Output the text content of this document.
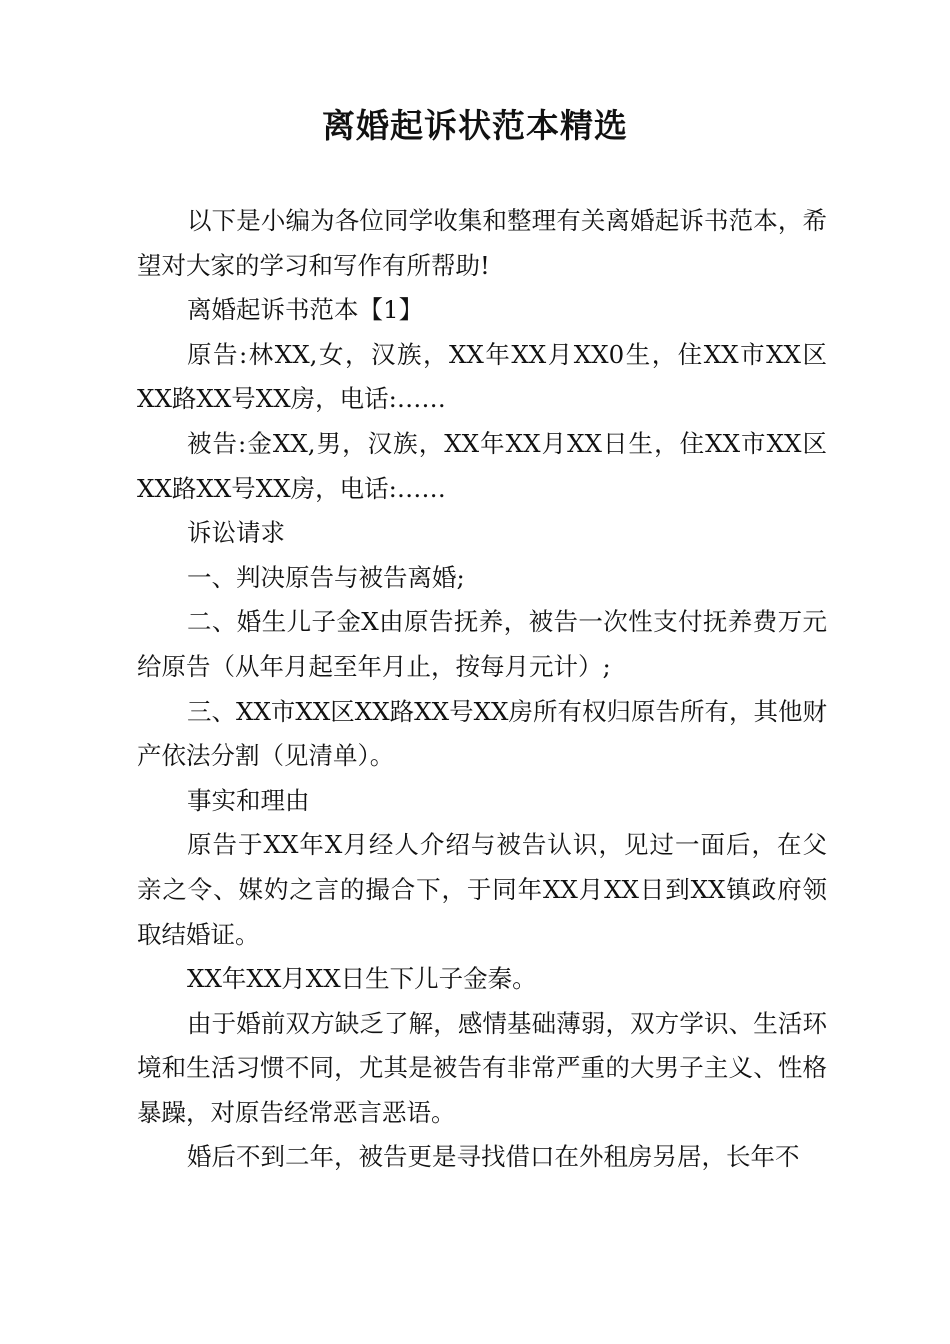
离婚起诉状范本精选

以下是小编为各位同学收集和整理有关离婚起诉书范本，希望对大家的学习和写作有所帮助!

离婚起诉书范本【1】

原告:林XX,女，汉族，XX年XX月XX0生，住XX市XX区XX路XX号XX房，电话:……

被告:金XX,男，汉族，XX年XX月XX日生，住XX市XX区XX路XX号XX房，电话:……

诉讼请求

一、判决原告与被告离婚;

二、婚生儿子金X由原告抚养，被告一次性支付抚养费万元给原告（从年月起至年月止，按每月元计）;

三、XX市XX区XX路XX号XX房所有权归原告所有，其他财产依法分割（见清单）。

事实和理由

原告于XX年X月经人介绍与被告认识，见过一面后，在父亲之令、媒妁之言的撮合下，于同年XX月XX日到XX镇政府领取结婚证。

XX年XX月XX日生下儿子金秦。

由于婚前双方缺乏了解，感情基础薄弱，双方学识、生活环境和生活习惯不同，尤其是被告有非常严重的大男子主义、性格暴躁，对原告经常恶言恶语。

婚后不到二年，被告更是寻找借口在外租房另居，长年不
